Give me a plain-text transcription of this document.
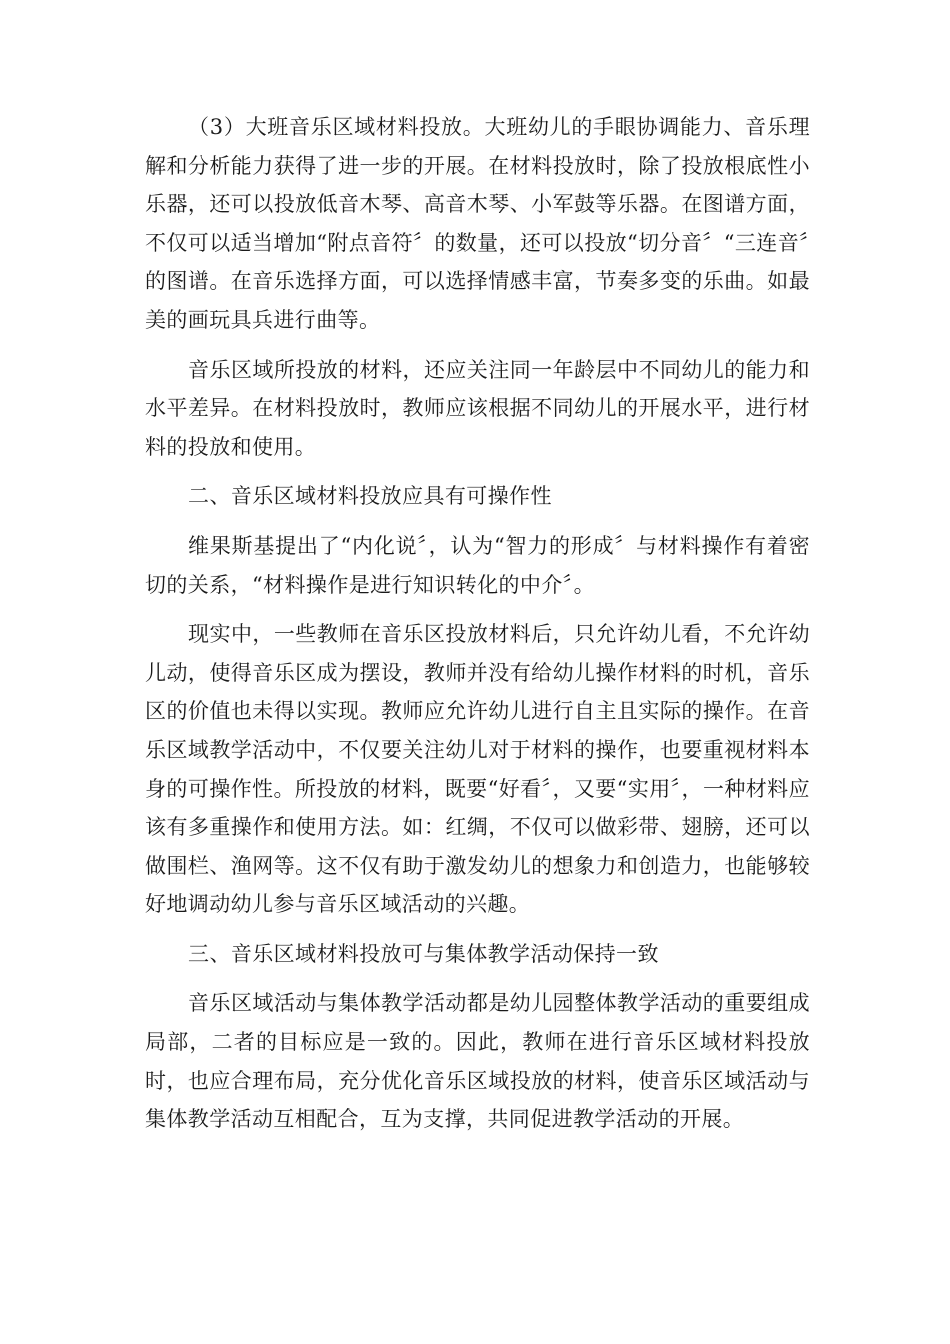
（3）大班音乐区域材料投放。大班幼儿的手眼协调能力、音乐理解和分析能力获得了进一步的开展。在材料投放时，除了投放根底性小乐器，还可以投放低音木琴、高音木琴、小军鼓等乐器。在图谱方面，不仅可以适当增加“附点音符〞的数量，还可以投放“切分音〞“三连音〞的图谱。在音乐选择方面，可以选择情感丰富，节奏多变的乐曲。如最美的画玩具兵进行曲等。

音乐区域所投放的材料，还应关注同一年龄层中不同幼儿的能力和水平差异。在材料投放时，教师应该根据不同幼儿的开展水平，进行材料的投放和使用。

二、音乐区域材料投放应具有可操作性

维果斯基提出了“内化说〞，认为“智力的形成〞与材料操作有着密切的关系，“材料操作是进行知识转化的中介〞。

现实中，一些教师在音乐区投放材料后，只允许幼儿看，不允许幼儿动，使得音乐区成为摆设，教师并没有给幼儿操作材料的时机，音乐区的价值也未得以实现。教师应允许幼儿进行自主且实际的操作。在音乐区域教学活动中，不仅要关注幼儿对于材料的操作，也要重视材料本身的可操作性。所投放的材料，既要“好看〞，又要“实用〞，一种材料应该有多重操作和使用方法。如：红绸，不仅可以做彩带、翅膀，还可以做围栏、渔网等。这不仅有助于激发幼儿的想象力和创造力，也能够较好地调动幼儿参与音乐区域活动的兴趣。

三、音乐区域材料投放可与集体教学活动保持一致

音乐区域活动与集体教学活动都是幼儿园整体教学活动的重要组成局部，二者的目标应是一致的。因此，教师在进行音乐区域材料投放时，也应合理布局，充分优化音乐区域投放的材料，使音乐区域活动与集体教学活动互相配合，互为支撑，共同促进教学活动的开展。
